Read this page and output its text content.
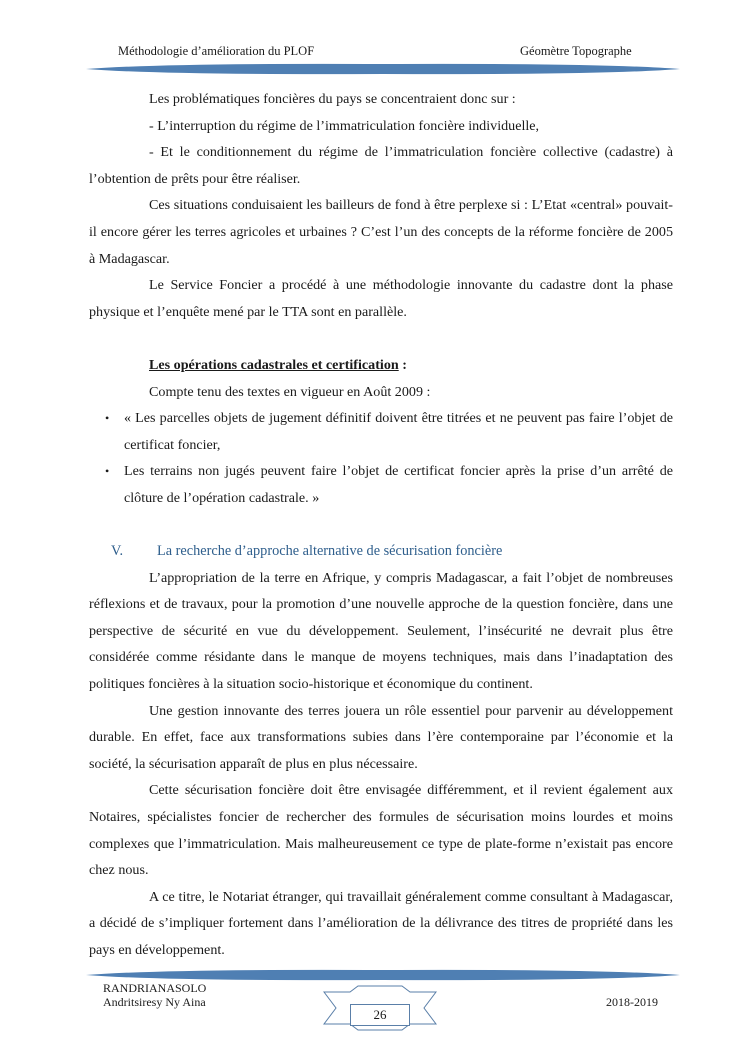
Méthodologie d’amélioration du PLOF	Géomètre Topographe

Les problématiques foncières du pays se concentraient donc sur :

- L’interruption du régime de l’immatriculation foncière individuelle,

- Et le conditionnement du régime de l’immatriculation foncière collective (cadastre) à l’obtention de prêts pour être réaliser.

Ces situations conduisaient les bailleurs de fond à être perplexe si : L’Etat «central» pouvait-il encore gérer les terres agricoles et urbaines ? C’est l’un des concepts de la réforme foncière de 2005 à Madagascar.

Le Service Foncier a procédé à une méthodologie innovante du cadastre dont la phase physique et l’enquête mené par le TTA sont en parallèle.

Les opérations cadastrales et certification :

Compte tenu des textes en vigueur en Août 2009 :

• « Les parcelles objets de jugement définitif doivent être titrées et ne peuvent pas faire l’objet de certificat foncier,
• Les terrains non jugés peuvent faire l’objet de certificat foncier après la prise d’un arrêté de clôture de l’opération cadastrale. »
V. La recherche d’approche alternative de sécurisation foncière

L’appropriation de la terre en Afrique, y compris Madagascar, a fait l’objet de nombreuses réflexions et de travaux, pour la promotion d’une nouvelle approche de la question foncière, dans une perspective de sécurité en vue du développement. Seulement, l’insécurité ne devrait plus être considérée comme résidante dans le manque de moyens techniques, mais dans l’inadaptation des politiques foncières à la situation socio-historique et économique du continent.

Une gestion innovante des terres jouera un rôle essentiel pour parvenir au développement durable. En effet, face aux transformations subies dans l’ère contemporaine par l’économie et la société, la sécurisation apparaît de plus en plus nécessaire.

Cette sécurisation foncière doit être envisagée différemment, et il revient également aux Notaires, spécialistes foncier de rechercher des formules de sécurisation moins lourdes et moins complexes que l’immatriculation. Mais malheureusement ce type de plate-forme n’existait pas encore chez nous.

A ce titre, le Notariat étranger, qui travaillait généralement comme consultant à Madagascar, a décidé de s’impliquer fortement dans l’amélioration de la délivrance des titres de propriété dans les pays en développement.

RANDRIANASOLO
Andritsiresy Ny Aina
26
2018-2019
